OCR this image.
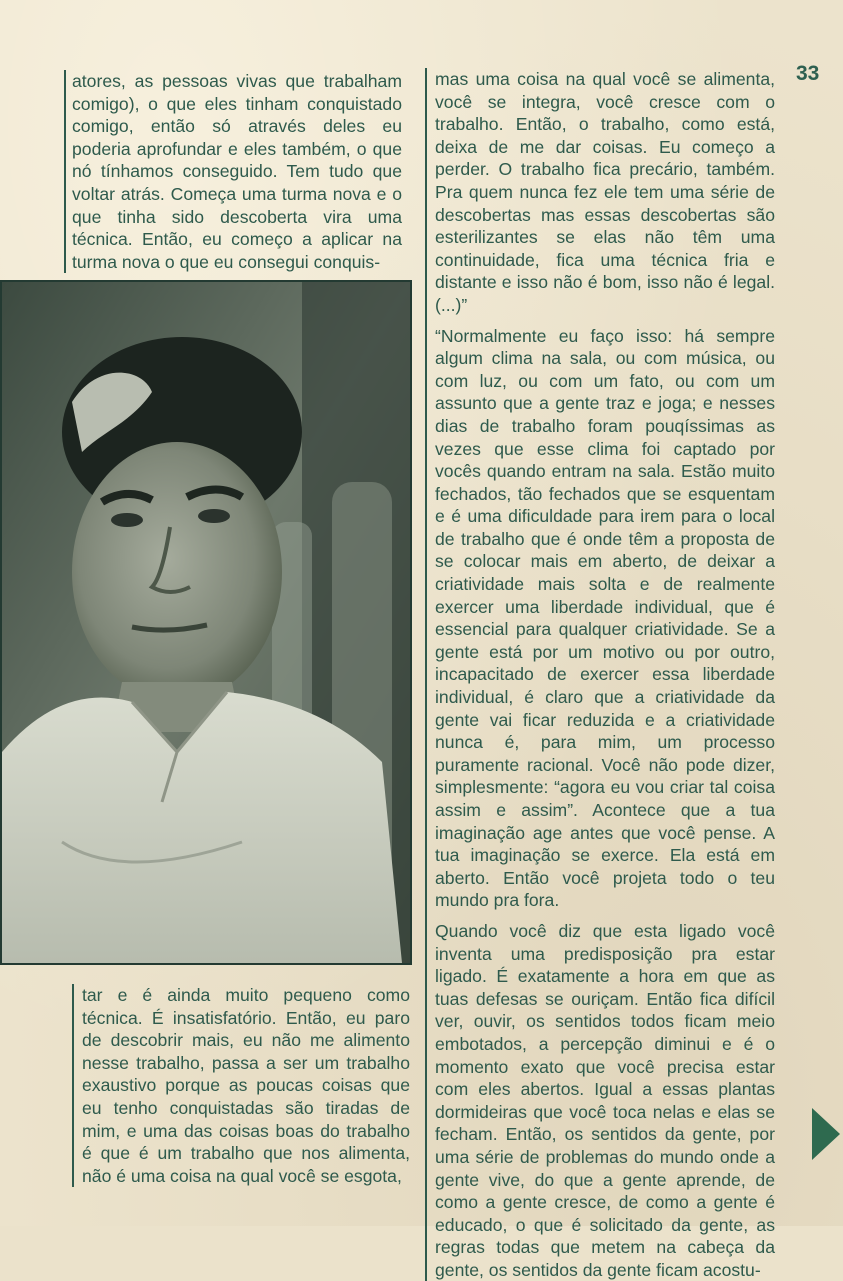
33

atores, as pessoas vivas que trabalham comigo), o que eles tinham conquistado comigo, então só através deles eu poderia aprofundar e eles também, o que nó tínhamos conseguido. Tem tudo que voltar atrás. Começa uma turma nova e o que tinha sido descoberta vira uma técnica. Então, eu começo a aplicar na turma nova o que eu consegui conquis-

tar e é ainda muito pequeno como técnica. É insatisfatório. Então, eu paro de descobrir mais, eu não me alimento nesse trabalho, passa a ser um trabalho exaustivo porque as poucas coisas que eu tenho conquistadas são tiradas de mim, e uma das coisas boas do trabalho é que é um trabalho que nos alimenta, não é uma coisa na qual você se esgota,

mas uma coisa na qual você se alimenta, você se integra, você cresce com o trabalho. Então, o trabalho, como está, deixa de me dar coisas. Eu começo a perder. O trabalho fica precário, também. Pra quem nunca fez ele tem uma série de descobertas mas essas descobertas são esterilizantes se elas não têm uma continuidade, fica uma técnica fria e distante e isso não é bom, isso não é legal. (...)”

“Normalmente eu faço isso: há sempre algum clima na sala, ou com música, ou com luz, ou com um fato, ou com um assunto que a gente traz e joga; e nesses dias de trabalho foram pouqíssimas as vezes que esse clima foi captado por vocês quando entram na sala. Estão muito fechados, tão fechados que se esquentam e é uma dificuldade para irem para o local de trabalho que é onde têm a proposta de se colocar mais em aberto, de deixar a criatividade mais solta e de realmente exercer uma liberdade individual, que é essencial para qualquer criatividade. Se a gente está por um motivo ou por outro, incapacitado de exercer essa liberdade individual, é claro que a criatividade da gente vai ficar reduzida e a criatividade nunca é, para mim, um processo puramente racional. Você não pode dizer, simplesmente: “agora eu vou criar tal coisa assim e assim”. Acontece que a tua imaginação age antes que você pense. A tua imaginação se exerce. Ela está em aberto. Então você projeta todo o teu mundo pra fora.

Quando você diz que esta ligado você inventa uma predisposição pra estar ligado. É exatamente a hora em que as tuas defesas se ouriçam. Então fica difícil ver, ouvir, os sentidos todos ficam meio embotados, a percepção diminui e é o momento exato que você precisa estar com eles abertos. Igual a essas plantas dormideiras que você toca nelas e elas se fecham. Então, os sentidos da gente, por uma série de problemas do mundo onde a gente vive, do que a gente aprende, de como a gente cresce, de como a gente é educado, o que é solicitado da gente, as regras todas que metem na cabeça da gente, os sentidos da gente ficam acostu-
